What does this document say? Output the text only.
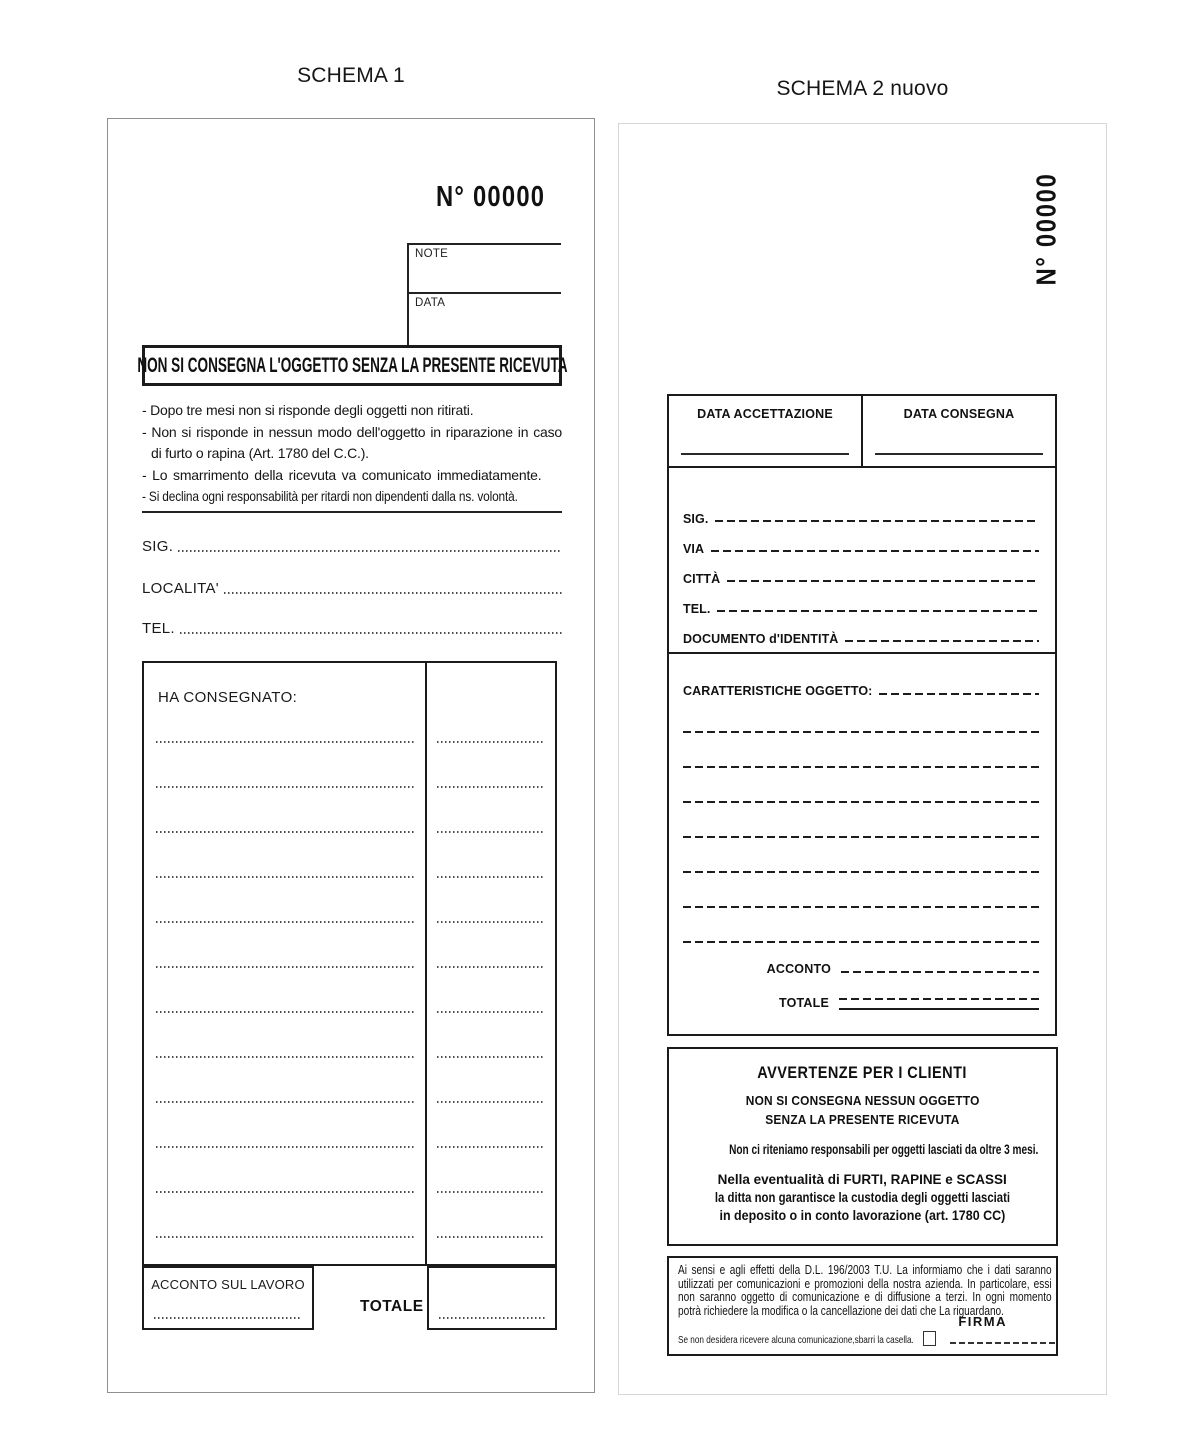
SCHEMA 1
SCHEMA 2 nuovo
N° 00000
NOTE
DATA
NON SI CONSEGNA L'OGGETTO SENZA LA PRESENTE RICEVUTA

- Dopo tre mesi non si risponde degli oggetti non ritirati.

- Non si risponde in nessun modo dell'oggetto in riparazione in caso di furto o rapina (Art. 1780 del C.C.).

- Lo smarrimento della ricevuta va comunicato immediatamente.

- Si declina ogni responsabilità per ritardi non dipendenti dalla ns. volontà.

SIG.
LOCALITA'
TEL.
HA CONSEGNATO:
ACCONTO SUL LAVORO
TOTALE
N° 00000
DATA ACCETTAZIONE	DATA CONSEGNA
SIG.
VIA
CITTÀ
TEL.
DOCUMENTO d'IDENTITÀ
CARATTERISTICHE OGGETTO:
ACCONTO
TOTALE
AVVERTENZE PER I CLIENTI
NON SI CONSEGNA NESSUN OGGETTO
SENZA LA PRESENTE RICEVUTA
Non ci riteniamo responsabili per oggetti lasciati da oltre 3 mesi.
Nella eventualità di FURTI, RAPINE e SCASSI
la ditta non garantisce la custodia degli oggetti lasciati
in deposito o in conto lavorazione (art. 1780 CC)
Ai sensi e agli effetti della D.L. 196/2003 T.U. La informiamo che i dati saranno utilizzati per comunicazioni e promozioni della nostra azienda. In particolare, essi non saranno oggetto di comunicazione e di diffusione a terzi. In ogni momento potrà richiedere la modifica o la cancellazione dei dati che La riguardano.
FIRMA
Se non desidera ricevere alcuna comunicazione,sbarri la casella.
